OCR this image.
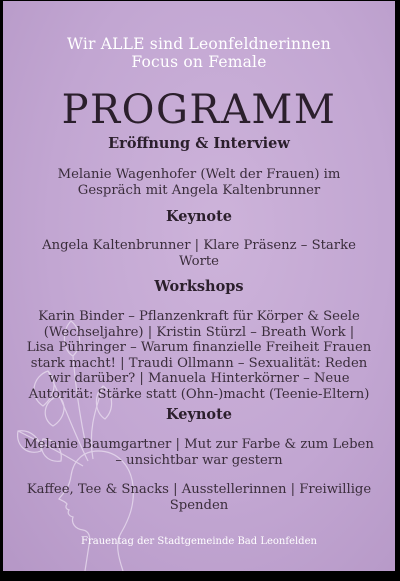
Wir ALLE sind Leonfeldnerinnen
Focus on Female
PROGRAMM
Eröffnung & Interview
Melanie Wagenhofer (Welt der Frauen) im
Gespräch mit Angela Kaltenbrunner
Keynote
Angela Kaltenbrunner | Klare Präsenz – Starke
Worte
Workshops
Karin Binder – Pflanzenkraft für Körper & Seele
(Wechseljahre) | Kristin Stürzl – Breath Work |
Lisa Pühringer – Warum finanzielle Freiheit Frauen
stark macht! | Traudi Ollmann – Sexualität: Reden
wir darüber? | Manuela Hinterkörner – Neue
Autorität: Stärke statt (Ohn-)macht (Teenie-Eltern)
Keynote
Melanie Baumgartner | Mut zur Farbe & zum Leben
– unsichtbar war gestern
Kaffee, Tee & Snacks | Ausstellerinnen | Freiwillige
Spenden
Frauentag der Stadtgemeinde Bad Leonfelden
